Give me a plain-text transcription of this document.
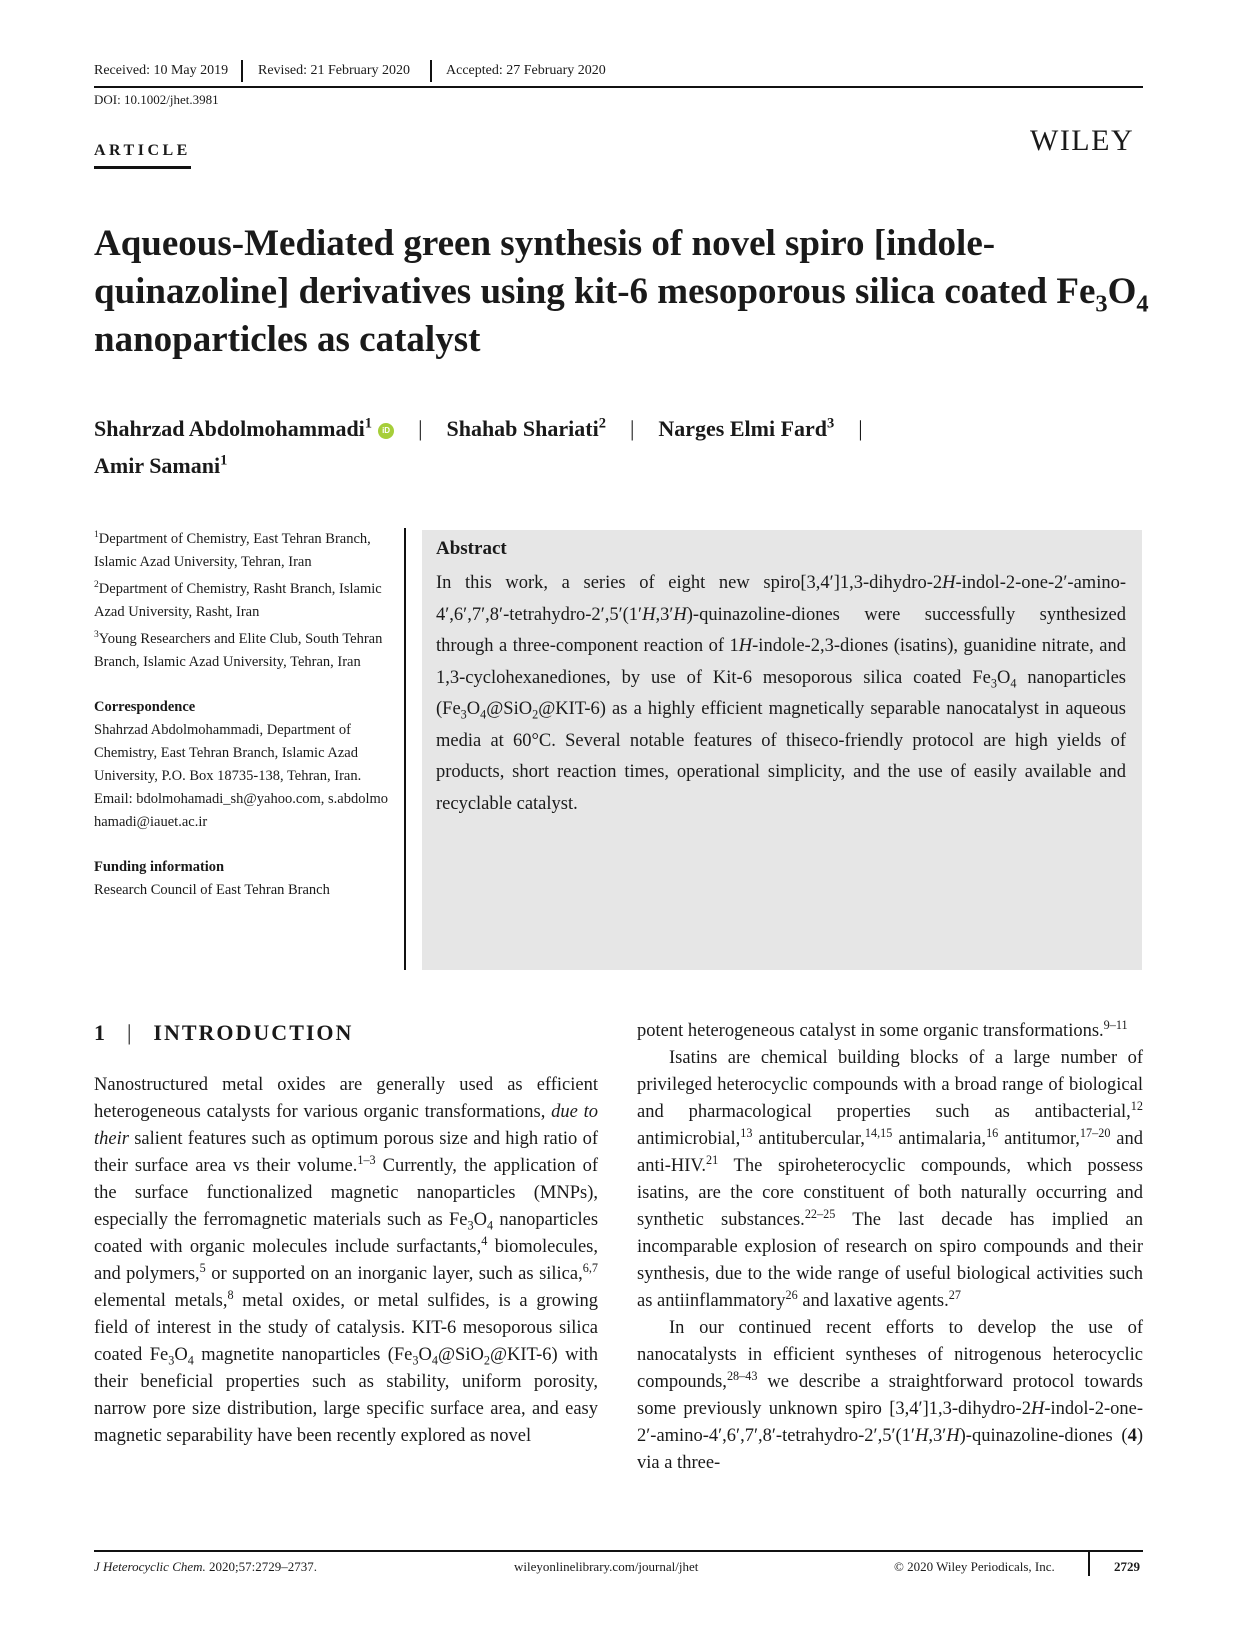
Received: 10 May 2019 Revised: 21 February 2020	Accepted: 27 February 2020
DOI: 10.1002/jhet.3981
ARTICLE	WILEY
Aqueous-Mediated green synthesis of novel spiro [indole-quinazoline] derivatives using kit-6 mesoporous silica coated $Fe_3O_4$ nanoparticles as catalyst
Shahrzad Abdolmohammadi$^1$ iD | Shahab Shariati$^2$ | Narges Elmi Fard$^3$ |
Amir Samani$^1$
$^1$Department of Chemistry, East Tehran Branch, Islamic Azad University, Tehran, Iran
$^2$Department of Chemistry, Rasht Branch, Islamic Azad University, Rasht, Iran
$^3$Young Researchers and Elite Club, South Tehran Branch, Islamic Azad University, Tehran, Iran
Correspondence
Shahrzad Abdolmohammadi, Department of Chemistry, East Tehran Branch, Islamic Azad University, P.O. Box 18735-138, Tehran, Iran.
Email: bdolmohamadi_sh@yahoo.com, s.abdolmohamadi@iauet.ac.ir
Funding information
Research Council of East Tehran Branch
Abstract
In this work, a series of eight new spiro[3,4′]1,3-dihydro-2H-indol-2-one-2′-amino-4′,6′,7′,8′-tetrahydro-2′,5′(1′H,3′H)-quinazoline-diones were successfully synthesized through a three-component reaction of 1H-indole-2,3-diones (isatins), guanidine nitrate, and 1,3-cyclohexanediones, by use of Kit-6 mesoporous silica coated $Fe_3O_4$ nanoparticles $(Fe_3O_4@SiO_2@KIT-6)$ as a highly efficient magnetically separable nanocatalyst in aqueous media at 60°C. Several notable features of thiseco-friendly protocol are high yields of products, short reaction times, operational simplicity, and the use of easily available and recyclable catalyst.
1 | INTRODUCTION

Nanostructured metal oxides are generally used as efficient heterogeneous catalysts for various organic transformations, due to their salient features such as optimum porous size and high ratio of their surface area vs their volume.$^{1-3}$ Currently, the application of the surface functionalized magnetic nanoparticles (MNPs), especially the ferromagnetic materials such as $Fe_3O_4$ nanoparticles coated with organic molecules include surfactants,$^4$ biomolecules, and polymers,$^5$ or supported on an inorganic layer, such as silica,$^{6,7}$ elemental metals,$^8$ metal oxides, or metal sulfides, is a growing field of interest in the study of catalysis. KIT-6 mesoporous silica coated $Fe_3O_4$ magnetite nanoparticles $(Fe_3O_4@SiO_2@KIT-6)$ with their beneficial properties such as stability, uniform porosity, narrow pore size distribution, large specific surface area, and easy magnetic separability have been recently explored as novel

potent heterogeneous catalyst in some organic transformations.$^{9-11}$

Isatins are chemical building blocks of a large number of privileged heterocyclic compounds with a broad range of biological and pharmacological properties such as antibacterial,$^{12}$ antimicrobial,$^{13}$ antitubercular,$^{14,15}$ antimalaria,$^{16}$ antitumor,$^{17-20}$ and anti-HIV.$^{21}$ The spiroheterocyclic compounds, which possess isatins, are the core constituent of both naturally occurring and synthetic substances.$^{22-25}$ The last decade has implied an incomparable explosion of research on spiro compounds and their synthesis, due to the wide range of useful biological activities such as antiinflammatory$^{26}$ and laxative agents.$^{27}$

In our continued recent efforts to develop the use of nanocatalysts in efficient syntheses of nitrogenous heterocyclic compounds,$^{28-43}$ we describe a straightforward protocol towards some previously unknown spiro [3,4′]1,3-dihydro-2H-indol-2-one-2′-amino-4′,6′,7′,8′-tetrahydro-2′,5′(1′H,3′H)-quinazoline-diones (4) via a three-

J Heterocyclic Chem. 2020;57:2729–2737.	wileyonlinelibrary.com/journal/jhet	© 2020 Wiley Periodicals, Inc.	2729
